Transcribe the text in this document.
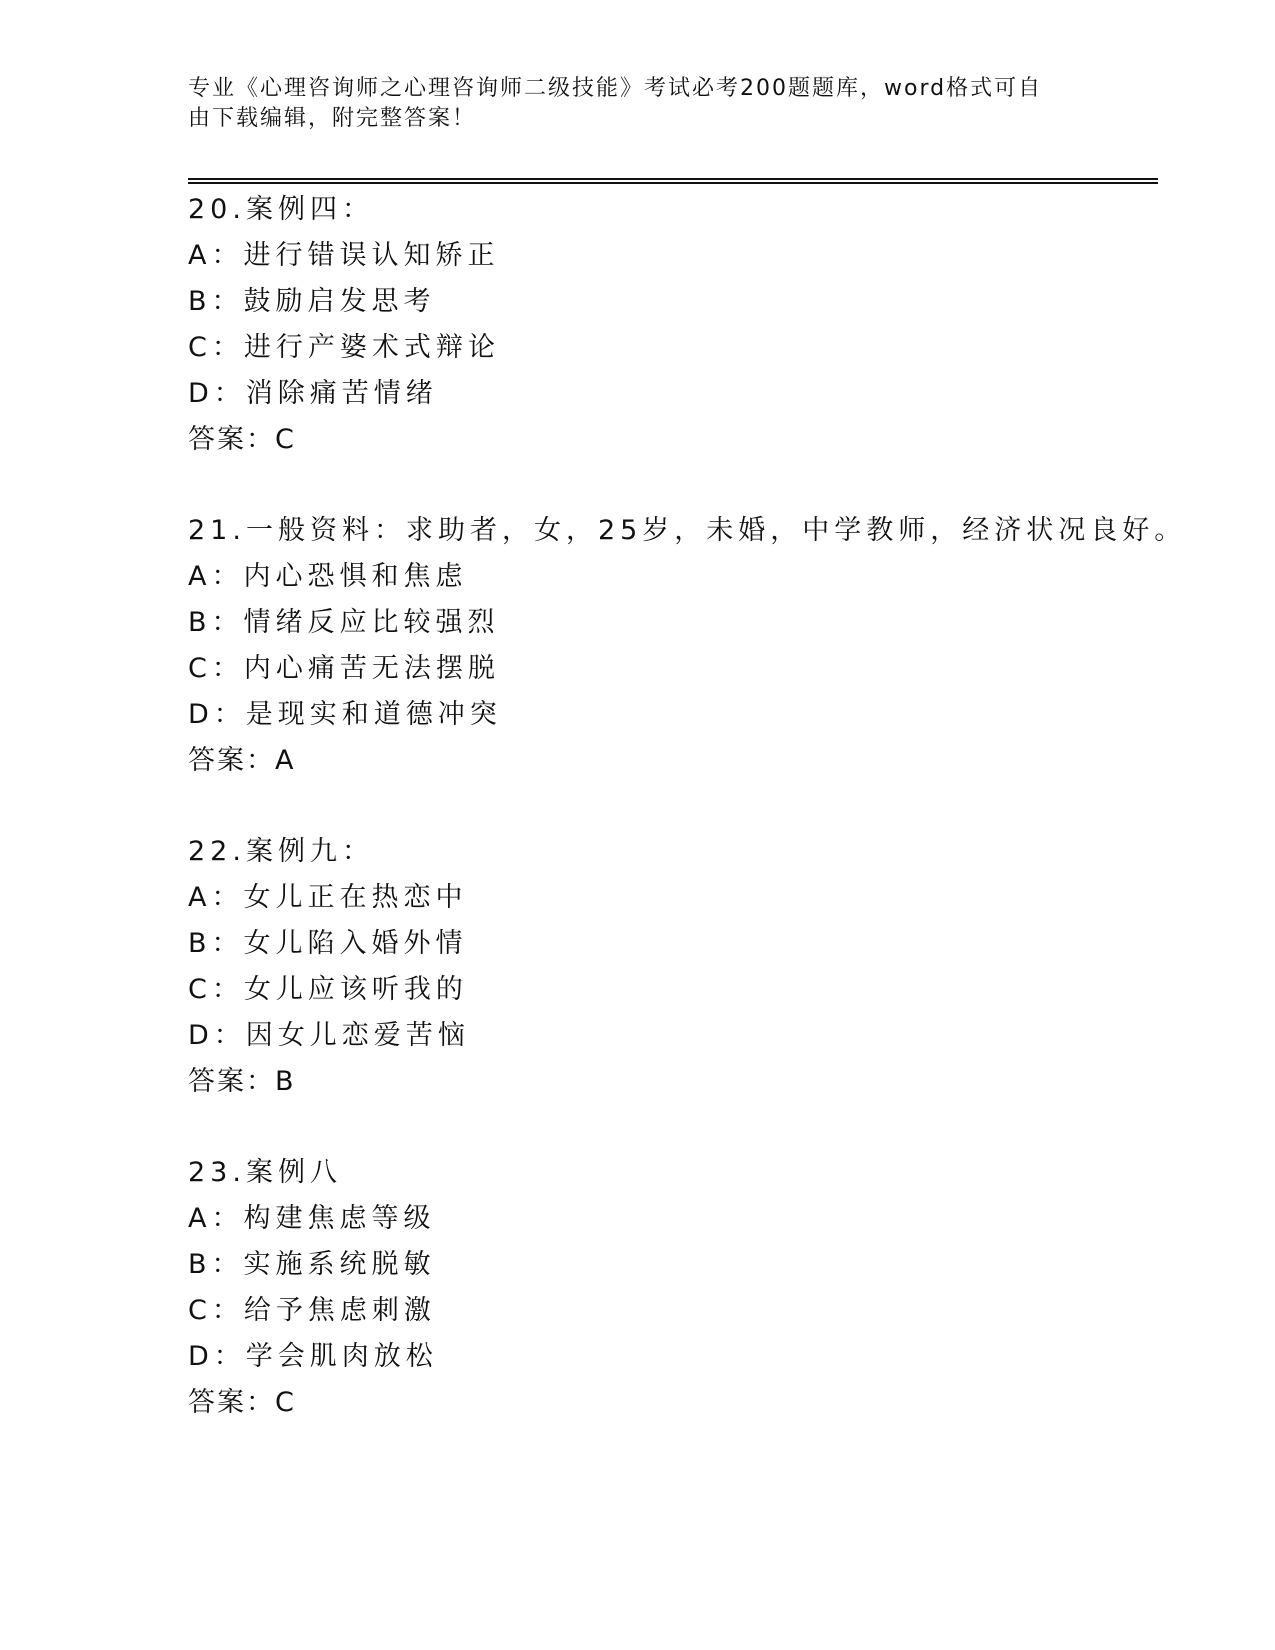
专业《心理咨询师之心理咨询师二级技能》考试必考200题题库，word格式可自
由下载编辑，附完整答案！
20.案例四：
A：进行错误认知矫正
B：鼓励启发思考
C：进行产婆术式辩论
D：消除痛苦情绪
答案：C
21.一般资料：求助者，女，25岁，未婚，中学教师，经济状况良好。
A：内心恐惧和焦虑
B：情绪反应比较强烈
C：内心痛苦无法摆脱
D：是现实和道德冲突
答案：A
22.案例九：
A：女儿正在热恋中
B：女儿陷入婚外情
C：女儿应该听我的
D：因女儿恋爱苦恼
答案：B
23.案例八
A：构建焦虑等级
B：实施系统脱敏
C：给予焦虑刺激
D：学会肌肉放松
答案：C
